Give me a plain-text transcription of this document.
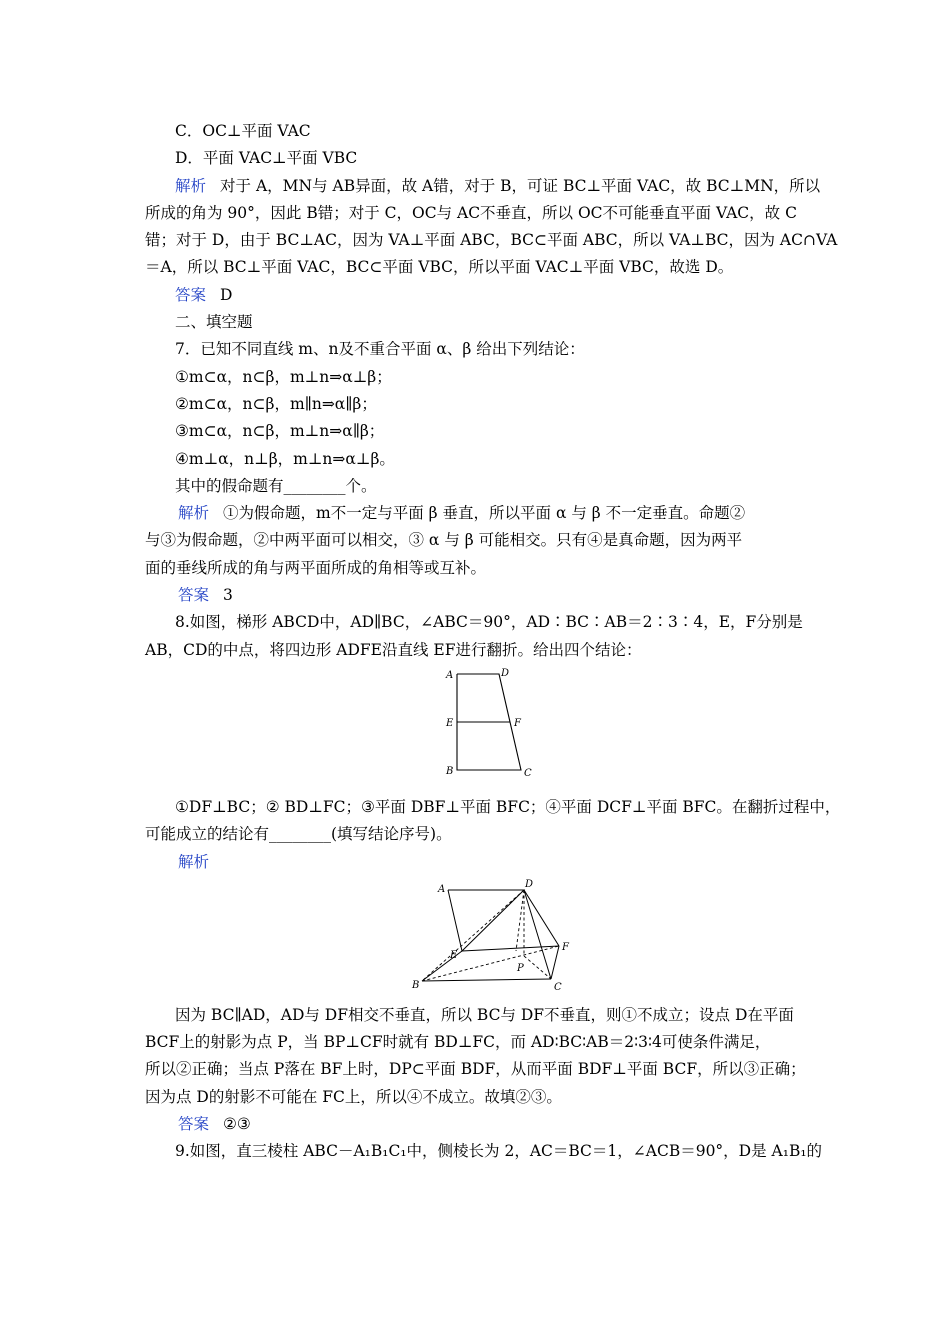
C．OC⊥平面 VAC
D．平面 VAC⊥平面 VBC
解析 对于 A，MN与 AB异面，故 A错，对于 B，可证 BC⊥平面 VAC，故 BC⊥MN，所以
所成的角为 90°，因此 B错；对于 C，OC与 AC不垂直，所以 OC不可能垂直平面 VAC，故 C
错；对于 D，由于 BC⊥AC，因为 VA⊥平面 ABC，BC⊂平面 ABC，所以 VA⊥BC，因为 AC∩VA
＝A，所以 BC⊥平面 VAC，BC⊂平面 VBC，所以平面 VAC⊥平面 VBC，故选 D。
答案 D
二、填空题
7．已知不同直线 m、n及不重合平面 α、β 给出下列结论：
①m⊂α，n⊂β，m⊥n⇒α⊥β；
②m⊂α，n⊂β，m∥n⇒α∥β；
③m⊂α，n⊂β，m⊥n⇒α∥β；
④m⊥α，n⊥β，m⊥n⇒α⊥β。
其中的假命题有________个。
解析 ①为假命题，m不一定与平面 β 垂直，所以平面 α 与 β 不一定垂直。命题②
与③为假命题，②中两平面可以相交，③ α 与 β 可能相交。只有④是真命题，因为两平
面的垂线所成的角与两平面所成的角相等或互补。
答案 3
8.如图，梯形 ABCD中，AD∥BC，∠ABC＝90°，AD∶BC∶AB＝2∶3∶4，E，F分别是
AB，CD的中点，将四边形 ADFE沿直线 EF进行翻折。给出四个结论：
A	D
E	F
B	C
①DF⊥BC；② BD⊥FC；③平面 DBF⊥平面 BFC；④平面 DCF⊥平面 BFC。在翻折过程中，
可能成立的结论有________(填写结论序号)。
解析
A	D
E
F
P
B	C
因为 BC∥AD，AD与 DF相交不垂直，所以 BC与 DF不垂直，则①不成立；设点 D在平面
BCF上的射影为点 P，当 BP⊥CF时就有 BD⊥FC，而 AD∶BC∶AB＝2∶3∶4可使条件满足，
所以②正确；当点 P落在 BF上时，DP⊂平面 BDF，从而平面 BDF⊥平面 BCF，所以③正确；
因为点 D的射影不可能在 FC上，所以④不成立。故填②③。
答案 ②③
9.如图，直三棱柱 ABC－A₁B₁C₁中，侧棱长为 2，AC＝BC＝1，∠ACB＝90°，D是 A₁B₁的
